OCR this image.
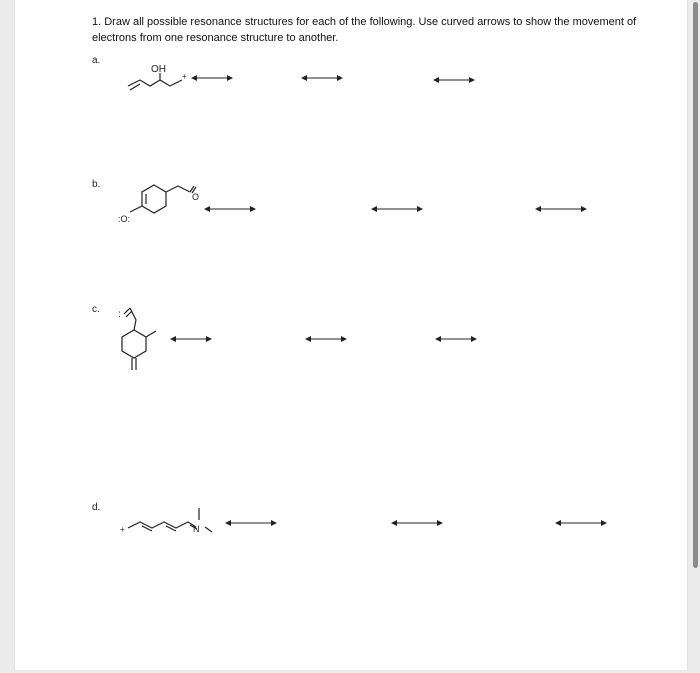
1. Draw all possible resonance structures for each of the following. Use curved arrows to show the movement of electrons from one resonance structure to another.
a.
b.
c.
d.
OH
+
O
:O:
:
+	N
